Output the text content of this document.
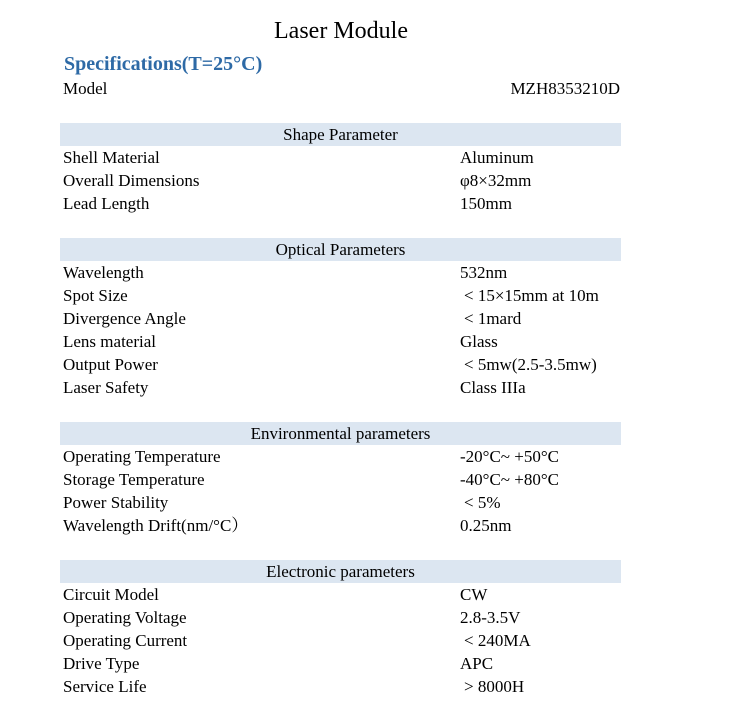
Laser Module
Specifications(T=25°C)
Model	MZH8353210D
Shape Parameter
Shell Material	Aluminum
Overall Dimensions	φ8×32mm
Lead Length	150mm
Optical Parameters
Wavelength	532nm
Spot Size	< 15×15mm at 10m
Divergence Angle	< 1mard
Lens material	Glass
Output Power	< 5mw(2.5-3.5mw)
Laser Safety	Class IIIa
Environmental parameters
Operating Temperature	-20°C~ +50°C
Storage Temperature	-40°C~ +80°C
Power Stability	< 5%
Wavelength Drift(nm/°C）	0.25nm
Electronic parameters
Circuit Model	CW
Operating Voltage	2.8-3.5V
Operating Current	< 240MA
Drive Type	APC
Service Life	> 8000H
